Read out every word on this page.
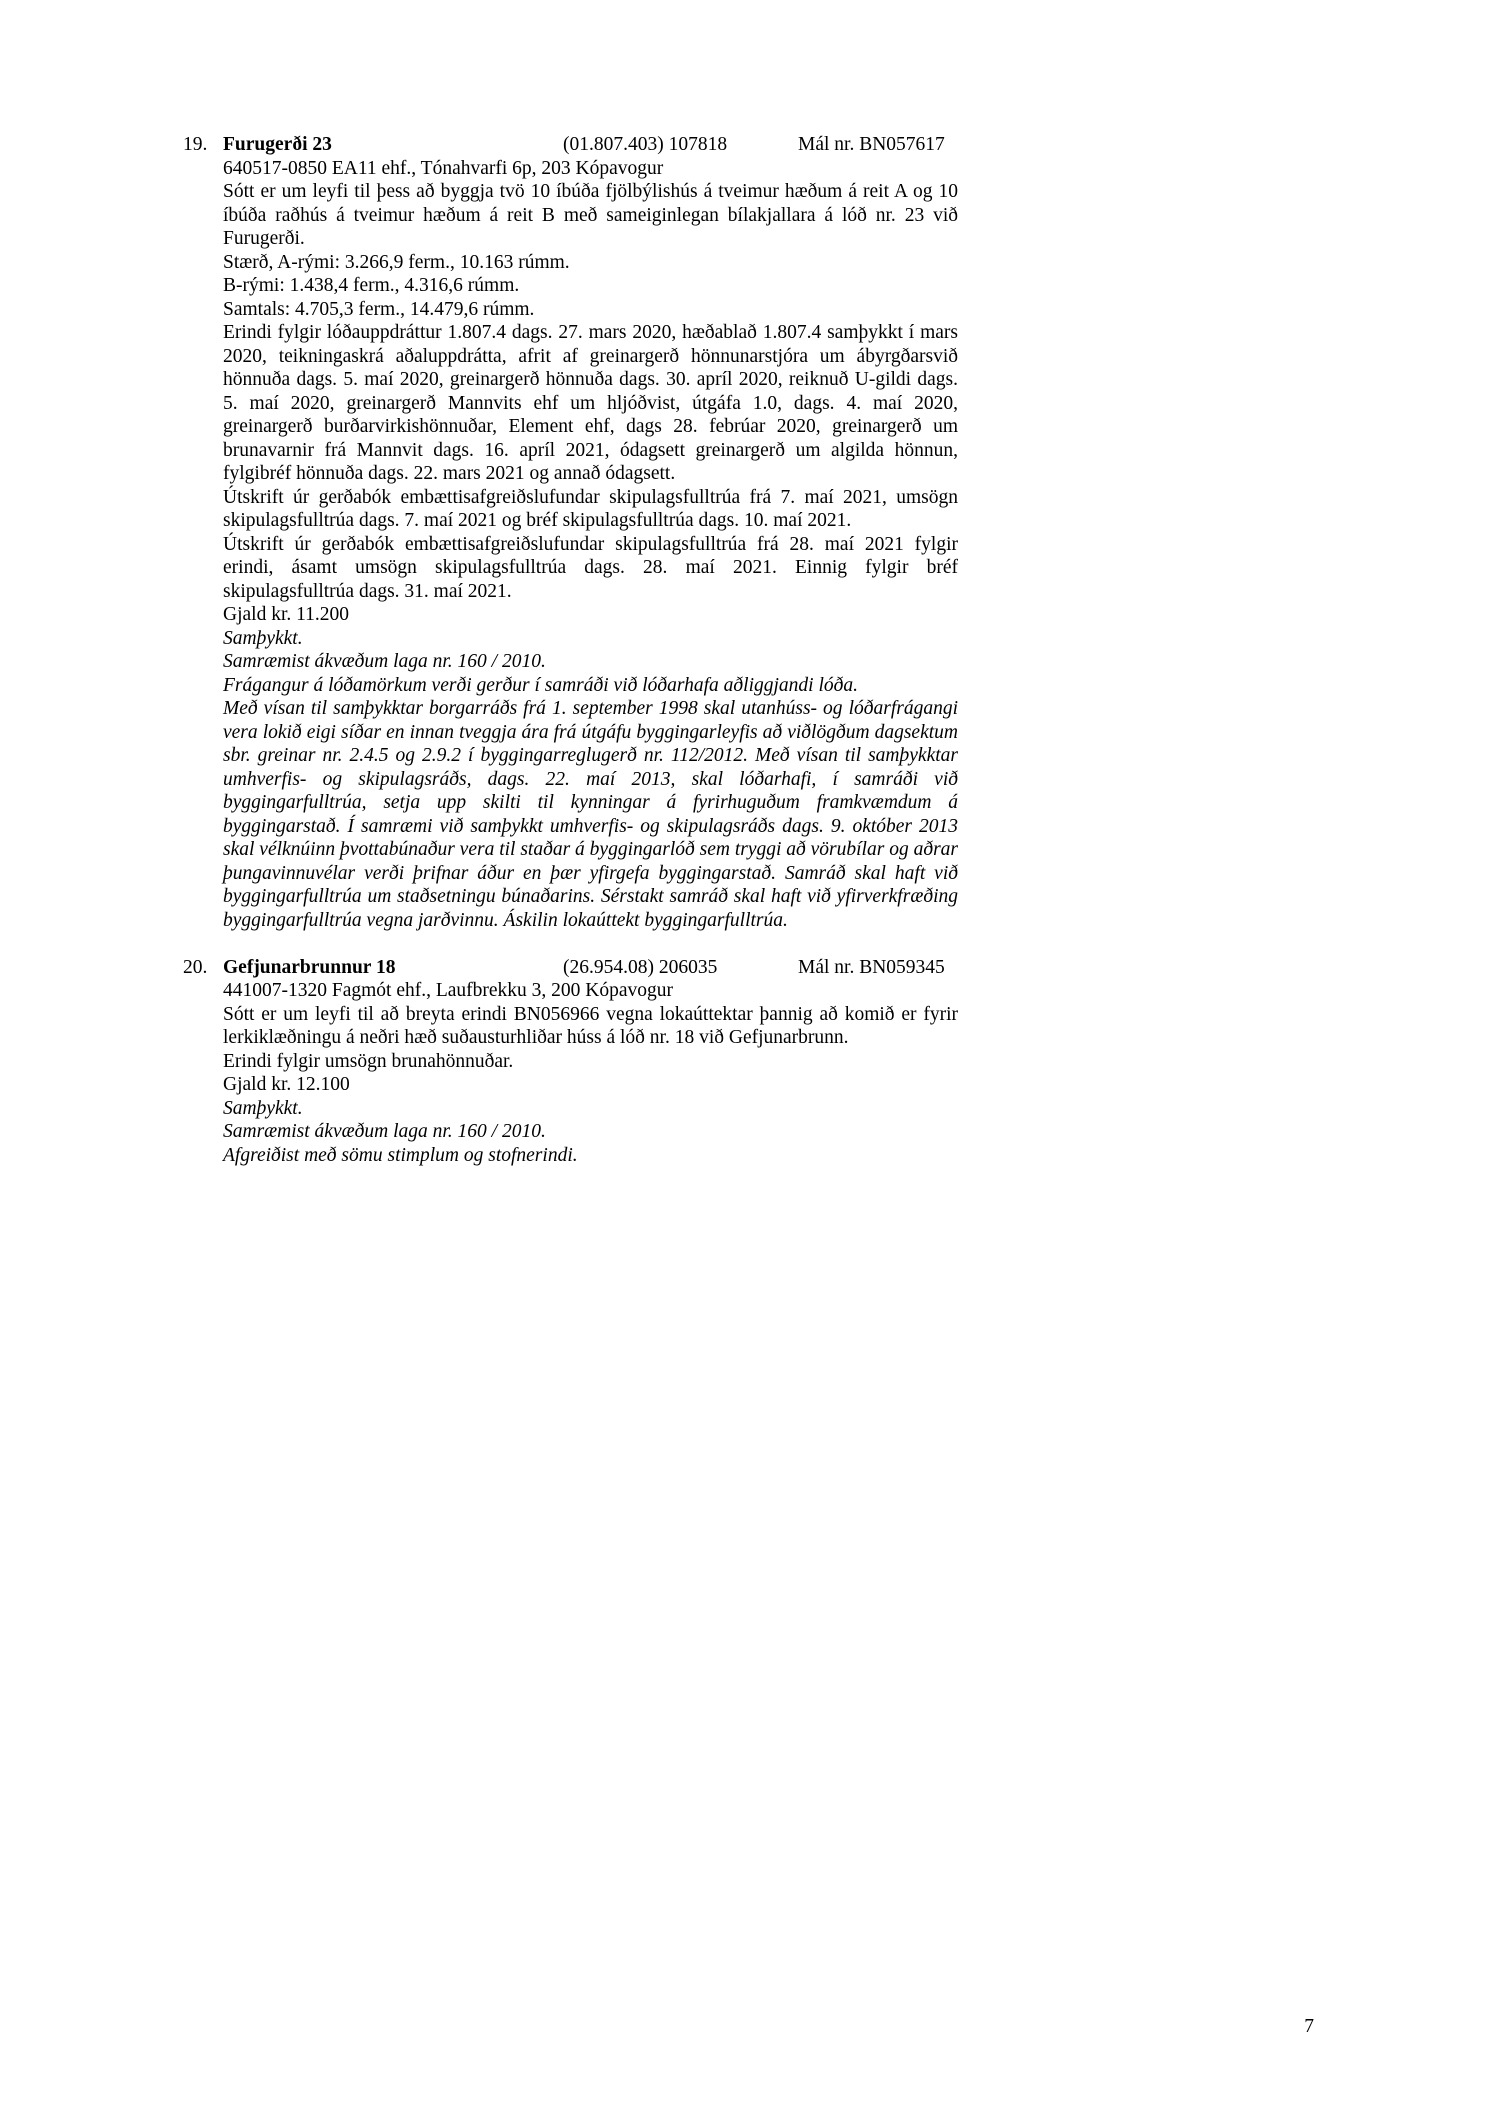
19. Furugerði 23	(01.807.403) 107818	Mál nr. BN057617

640517-0850 EA11 ehf., Tónahvarfi 6p, 203 Kópavogur

Sótt er um leyfi til þess að byggja tvö 10 íbúða fjölbýlishús á tveimur hæðum á reit A og 10 íbúða raðhús á tveimur hæðum á reit B með sameiginlegan bílakjallara á lóð nr. 23 við Furugerði.

Stærð, A-rými: 3.266,9 ferm., 10.163 rúmm.

B-rými: 1.438,4 ferm., 4.316,6 rúmm.

Samtals: 4.705,3 ferm., 14.479,6 rúmm.

Erindi fylgir lóðauppdráttur 1.807.4 dags. 27. mars 2020, hæðablað 1.807.4 samþykkt í mars 2020, teikningaskrá aðaluppdrátta, afrit af greinargerð hönnunarstjóra um ábyrgðarsvið hönnuða dags. 5. maí 2020, greinargerð hönnuða dags. 30. apríl 2020, reiknuð U-gildi dags. 5. maí 2020, greinargerð Mannvits ehf um hljóðvist, útgáfa 1.0, dags. 4. maí 2020, greinargerð burðarvirkishönnuðar, Element ehf, dags 28. febrúar 2020, greinargerð um brunavarnir frá Mannvit dags. 16. apríl 2021, ódagsett greinargerð um algilda hönnun, fylgibréf hönnuða dags. 22. mars 2021 og annað ódagsett.

Útskrift úr gerðabók embættisafgreiðslufundar skipulagsfulltrúa frá 7. maí 2021, umsögn skipulagsfulltrúa dags. 7. maí 2021 og bréf skipulagsfulltrúa dags. 10. maí 2021.

Útskrift úr gerðabók embættisafgreiðslufundar skipulagsfulltrúa frá 28. maí 2021 fylgir erindi, ásamt umsögn skipulagsfulltrúa dags. 28. maí 2021. Einnig fylgir bréf skipulagsfulltrúa dags. 31. maí 2021.

Gjald kr. 11.200

Samþykkt.

Samræmist ákvæðum laga nr. 160 / 2010.

Frágangur á lóðamörkum verði gerður í samráði við lóðarhafa aðliggjandi lóða.

Með vísan til samþykktar borgarráðs frá 1. september 1998 skal utanhúss- og lóðarfrágangi vera lokið eigi síðar en innan tveggja ára frá útgáfu byggingarleyfis að viðlögðum dagsektum sbr. greinar nr. 2.4.5 og 2.9.2 í byggingarreglugerð nr. 112/2012. Með vísan til samþykktar umhverfis- og skipulagsráðs, dags. 22. maí 2013, skal lóðarhafi, í samráði við byggingarfulltrúa, setja upp skilti til kynningar á fyrirhuguðum framkvæmdum á byggingarstað. Í samræmi við samþykkt umhverfis- og skipulagsráðs dags. 9. október 2013 skal vélknúinn þvottabúnaður vera til staðar á byggingarlóð sem tryggi að vörubílar og aðrar þungavinnuvélar verði þrifnar áður en þær yfirgefa byggingarstað. Samráð skal haft við byggingarfulltrúa um staðsetningu búnaðarins. Sérstakt samráð skal haft við yfirverkfræðing byggingarfulltrúa vegna jarðvinnu. Áskilin lokaúttekt byggingarfulltrúa.

20. Gefjunarbrunnur 18	(26.954.08) 206035	Mál nr. BN059345

441007-1320 Fagmót ehf., Laufbrekku 3, 200 Kópavogur

Sótt er um leyfi til að breyta erindi BN056966 vegna lokaúttektar þannig að komið er fyrir lerkiklæðningu á neðri hæð suðausturhliðar húss á lóð nr. 18 við Gefjunarbrunn.

Erindi fylgir umsögn brunahönnuðar.

Gjald kr. 12.100

Samþykkt.

Samræmist ákvæðum laga nr. 160 / 2010.

Afgreiðist með sömu stimplum og stofnerindi.

7
